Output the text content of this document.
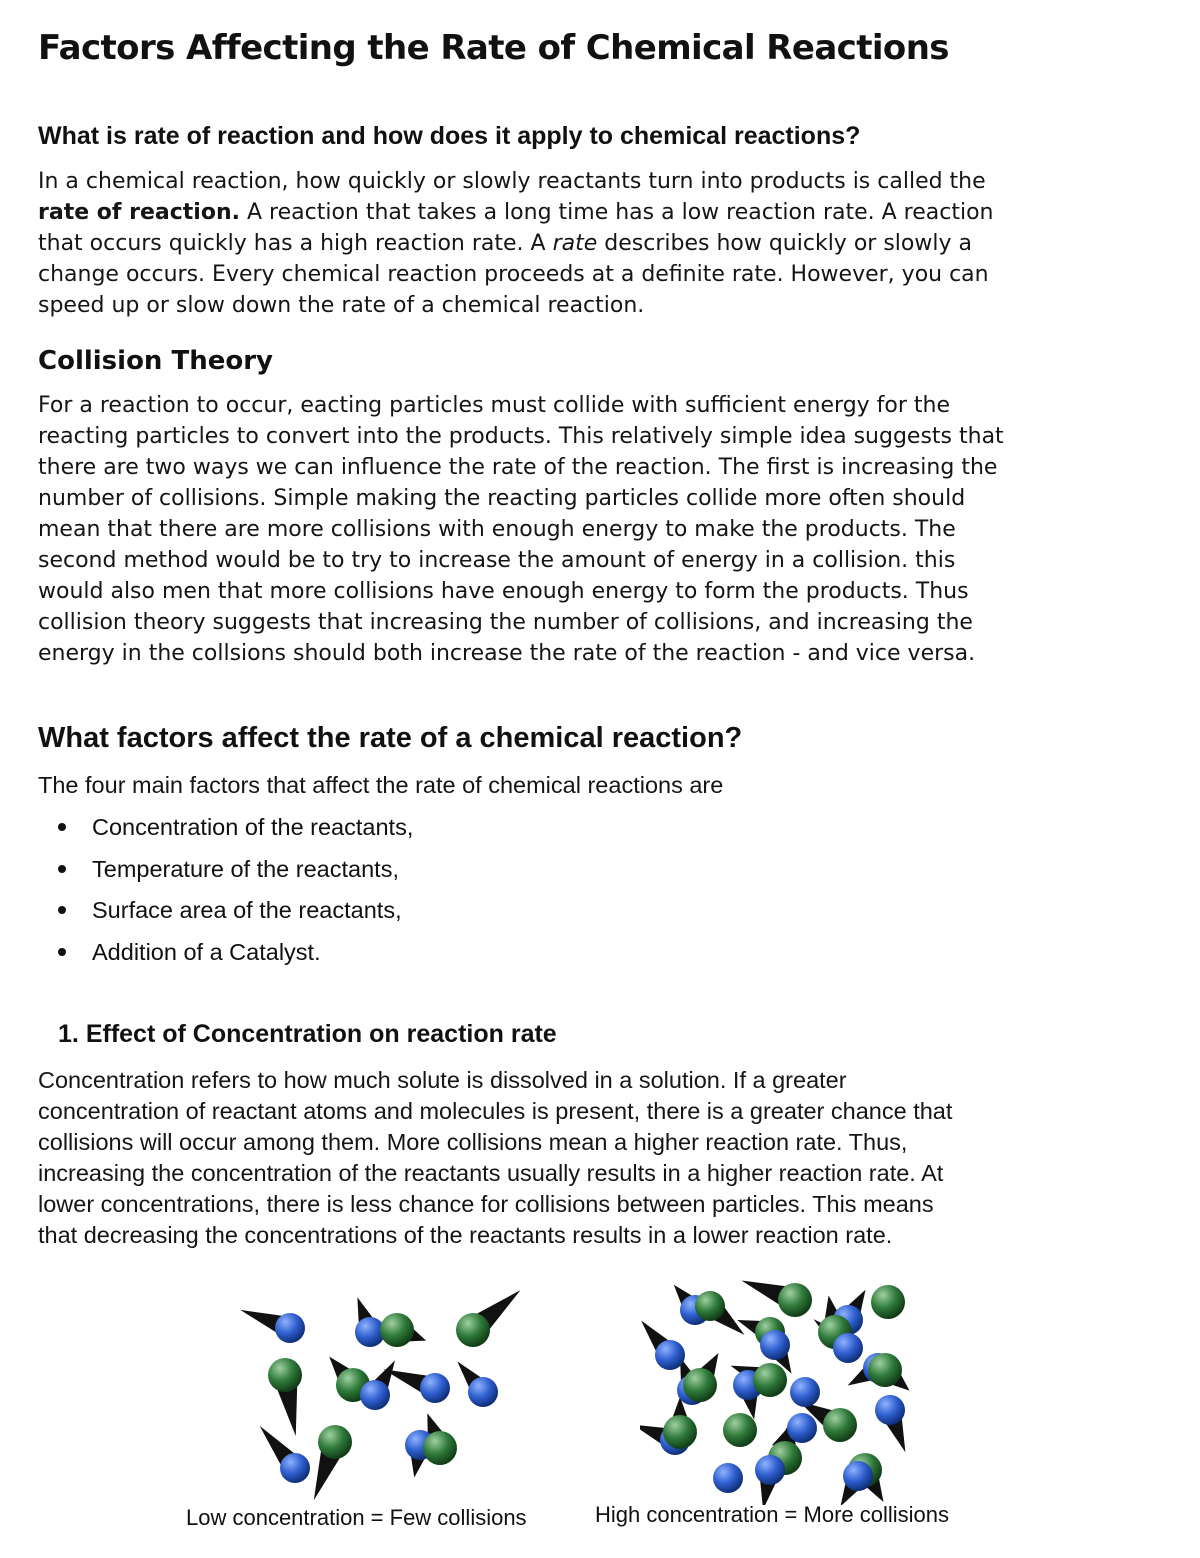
Factors Affecting the Rate of Chemical Reactions
What is rate of reaction and how does it apply to chemical reactions?
In a chemical reaction, how quickly or slowly reactants turn into products is called the
rate of reaction. A reaction that takes a long time has a low reaction rate. A reaction
that occurs quickly has a high reaction rate. A rate describes how quickly or slowly a
change occurs. Every chemical reaction proceeds at a definite rate. However, you can
speed up or slow down the rate of a chemical reaction.
Collision Theory
For a reaction to occur, eacting particles must collide with sufficient energy for the
reacting particles to convert into the products. This relatively simple idea suggests that
there are two ways we can influence the rate of the reaction. The first is increasing the
number of collisions. Simple making the reacting particles collide more often should
mean that there are more collisions with enough energy to make the products. The
second method would be to try to increase the amount of energy in a collision. this
would also men that more collisions have enough energy to form the products. Thus
collision theory suggests that increasing the number of collisions, and increasing the
energy in the collsions should both increase the rate of the reaction - and vice versa.
What factors affect the rate of a chemical reaction?
The four main factors that affect the rate of chemical reactions are
Concentration of the reactants,
Temperature of the reactants,
Surface area of the reactants,
Addition of a Catalyst.
1. Effect of Concentration on reaction rate
Concentration refers to how much solute is dissolved in a solution. If a greater
concentration of reactant atoms and molecules is present, there is a greater chance that
collisions will occur among them. More collisions mean a higher reaction rate. Thus,
increasing the concentration of the reactants usually results in a higher reaction rate. At
lower concentrations, there is less chance for collisions between particles. This means
that decreasing the concentrations of the reactants results in a lower reaction rate.
Low concentration = Few collisions	High concentration = More collisions
